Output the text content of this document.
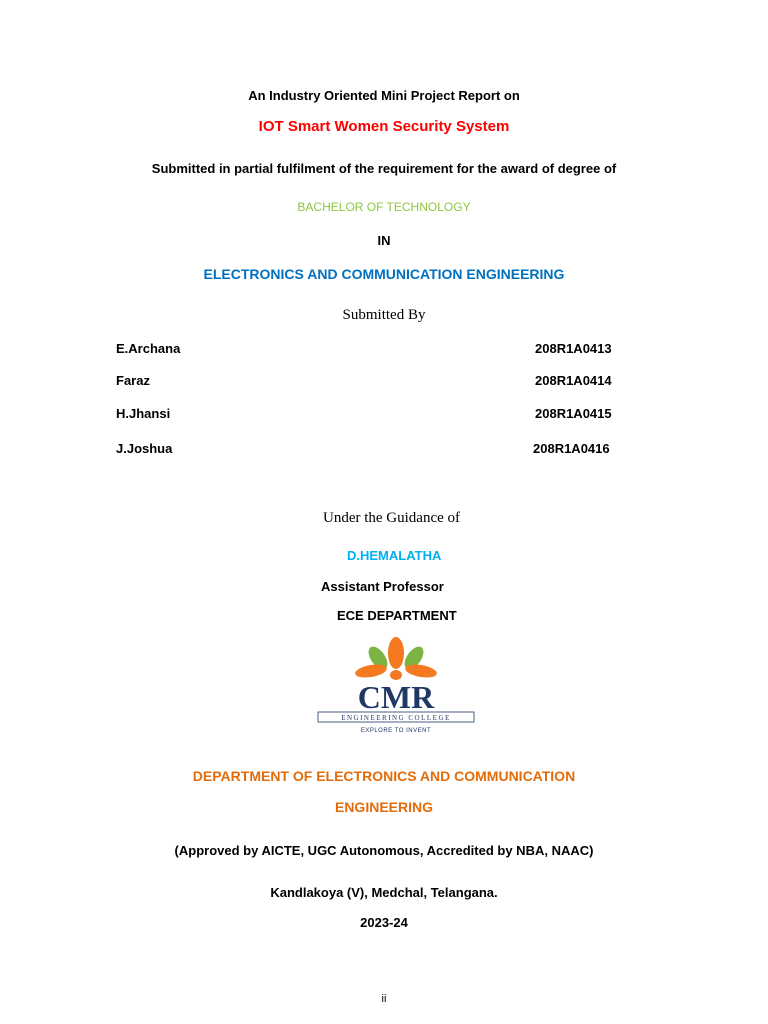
An Industry Oriented Mini Project Report on
IOT Smart Women Security System
Submitted in partial fulfilment of the requirement for the award of degree of
BACHELOR OF TECHNOLOGY
IN
ELECTRONICS AND COMMUNICATION ENGINEERING
Submitted By
E.Archana	208R1A0413
Faraz	208R1A0414
H.Jhansi	208R1A0415
J.Joshua	208R1A0416
Under the Guidance of
D.HEMALATHA
Assistant Professor
ECE DEPARTMENT
CMR
ENGINEERING COLLEGE
EXPLORE TO INVENT
DEPARTMENT OF ELECTRONICS AND COMMUNICATION
ENGINEERING
(Approved by AICTE, UGC Autonomous, Accredited by NBA, NAAC)
Kandlakoya (V), Medchal, Telangana.
2023-24
ii
